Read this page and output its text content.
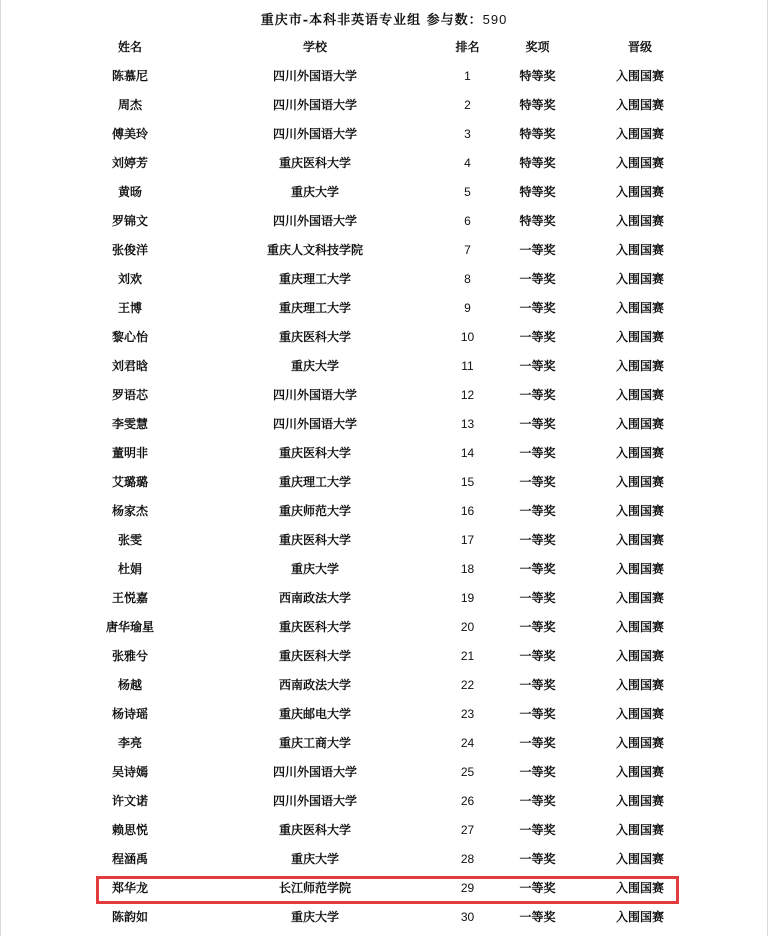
重庆市-本科非英语专业组 参与数：590
姓名	学校	排名	奖项	晋级
陈慕尼	四川外国语大学	1	特等奖	入围国赛
周杰	四川外国语大学	2	特等奖	入围国赛
傅美玲	四川外国语大学	3	特等奖	入围国赛
刘婷芳	重庆医科大学	4	特等奖	入围国赛
黄旸	重庆大学	5	特等奖	入围国赛
罗锦文	四川外国语大学	6	特等奖	入围国赛
张俊洋	重庆人文科技学院	7	一等奖	入围国赛
刘欢	重庆理工大学	8	一等奖	入围国赛
王博	重庆理工大学	9	一等奖	入围国赛
黎心怡	重庆医科大学	10	一等奖	入围国赛
刘君晗	重庆大学	11	一等奖	入围国赛
罗语芯	四川外国语大学	12	一等奖	入围国赛
李雯慧	四川外国语大学	13	一等奖	入围国赛
董明非	重庆医科大学	14	一等奖	入围国赛
艾璐璐	重庆理工大学	15	一等奖	入围国赛
杨家杰	重庆师范大学	16	一等奖	入围国赛
张雯	重庆医科大学	17	一等奖	入围国赛
杜娟	重庆大学	18	一等奖	入围国赛
王悦嘉	西南政法大学	19	一等奖	入围国赛
唐华瑜星	重庆医科大学	20	一等奖	入围国赛
张雅兮	重庆医科大学	21	一等奖	入围国赛
杨越	西南政法大学	22	一等奖	入围国赛
杨诗瑶	重庆邮电大学	23	一等奖	入围国赛
李亮	重庆工商大学	24	一等奖	入围国赛
吴诗嫣	四川外国语大学	25	一等奖	入围国赛
许文诺	四川外国语大学	26	一等奖	入围国赛
赖思悦	重庆医科大学	27	一等奖	入围国赛
程涵禹	重庆大学	28	一等奖	入围国赛
郑华龙	长江师范学院	29	一等奖	入围国赛
陈韵如	重庆大学	30	一等奖	入围国赛
